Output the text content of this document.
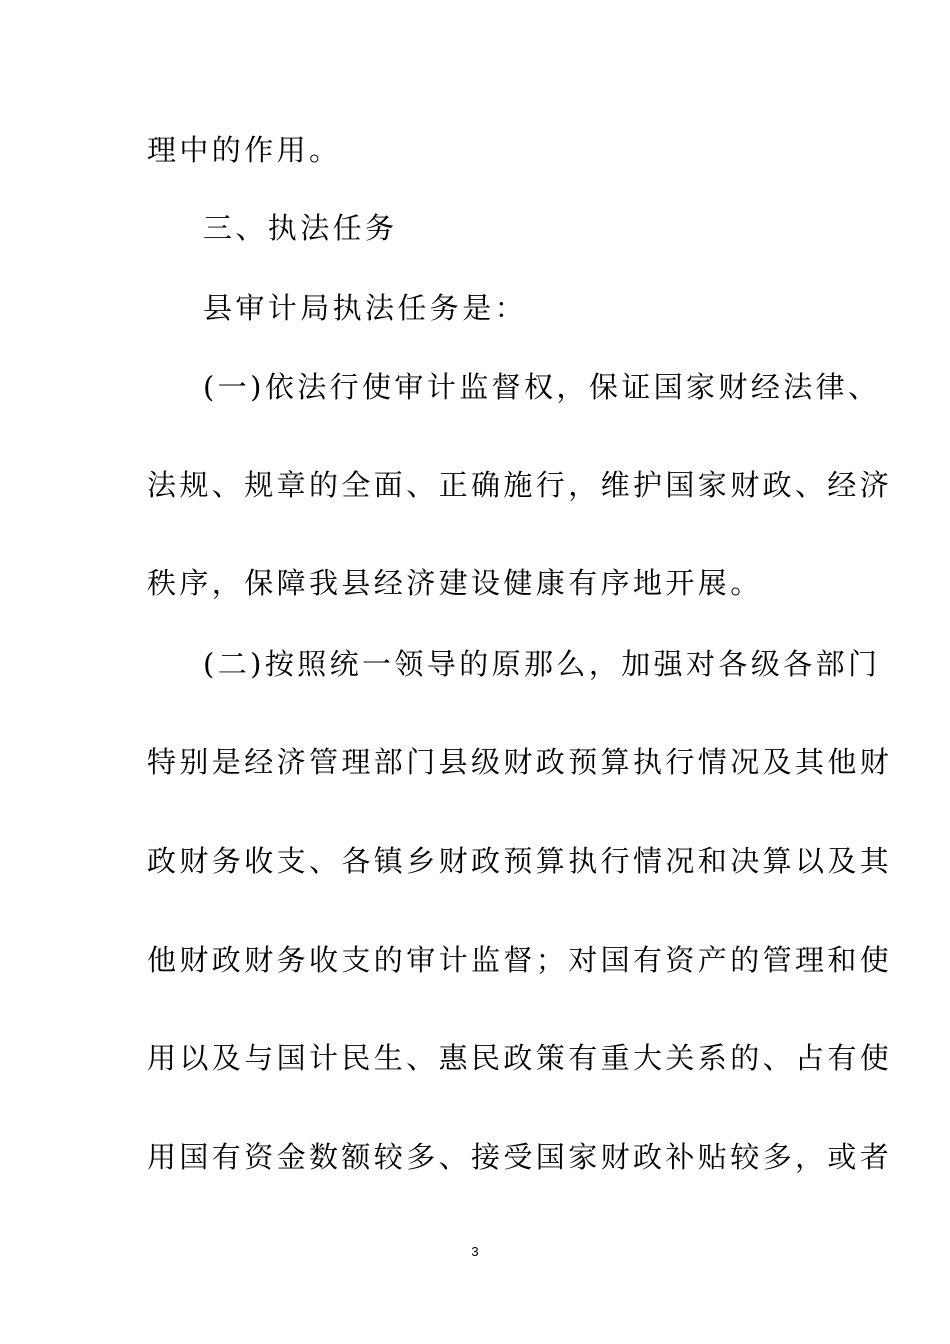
理中的作用。
三、执法任务
县审计局执法任务是：
(一)依法行使审计监督权，保证国家财经法律、
法规、规章的全面、正确施行，维护国家财政、经济
秩序，保障我县经济建设健康有序地开展。
(二)按照统一领导的原那么，加强对各级各部门
特别是经济管理部门县级财政预算执行情况及其他财
政财务收支、各镇乡财政预算执行情况和决算以及其
他财政财务收支的审计监督；对国有资产的管理和使
用以及与国计民生、惠民政策有重大关系的、占有使
用国有资金数额较多、接受国家财政补贴较多，或者
3
